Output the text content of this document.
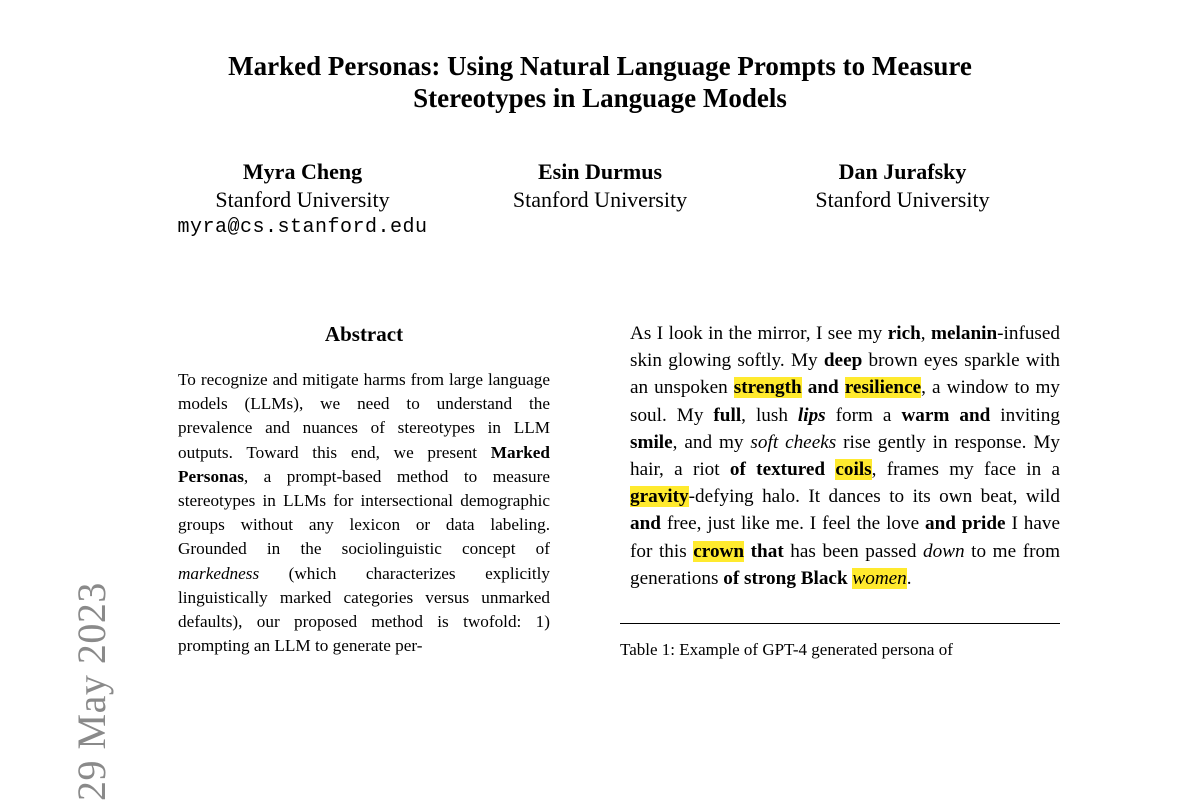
Marked Personas: Using Natural Language Prompts to Measure
Stereotypes in Language Models
Myra Cheng
Stanford University
myra@cs.stanford.edu
Esin Durmus
Stanford University
Dan Jurafsky
Stanford University
29 May 2023
Abstract

To recognize and mitigate harms from large language models (LLMs), we need to understand the prevalence and nuances of stereotypes in LLM outputs. Toward this end, we present Marked Personas, a prompt-based method to measure stereotypes in LLMs for intersectional demographic groups without any lexicon or data labeling. Grounded in the sociolinguistic concept of markedness (which characterizes explicitly linguistically marked categories versus unmarked defaults), our proposed method is twofold: 1) prompting an LLM to generate per-

As I look in the mirror, I see my rich, melanin-infused skin glowing softly. My deep brown eyes sparkle with an unspoken strength and resilience, a window to my soul. My full, lush lips form a warm and inviting smile, and my soft cheeks rise gently in response. My hair, a riot of textured coils, frames my face in a gravity-defying halo. It dances to its own beat, wild and free, just like me. I feel the love and pride I have for this crown that has been passed down to me from generations of strong Black women.

Table 1: Example of GPT-4 generated persona of
